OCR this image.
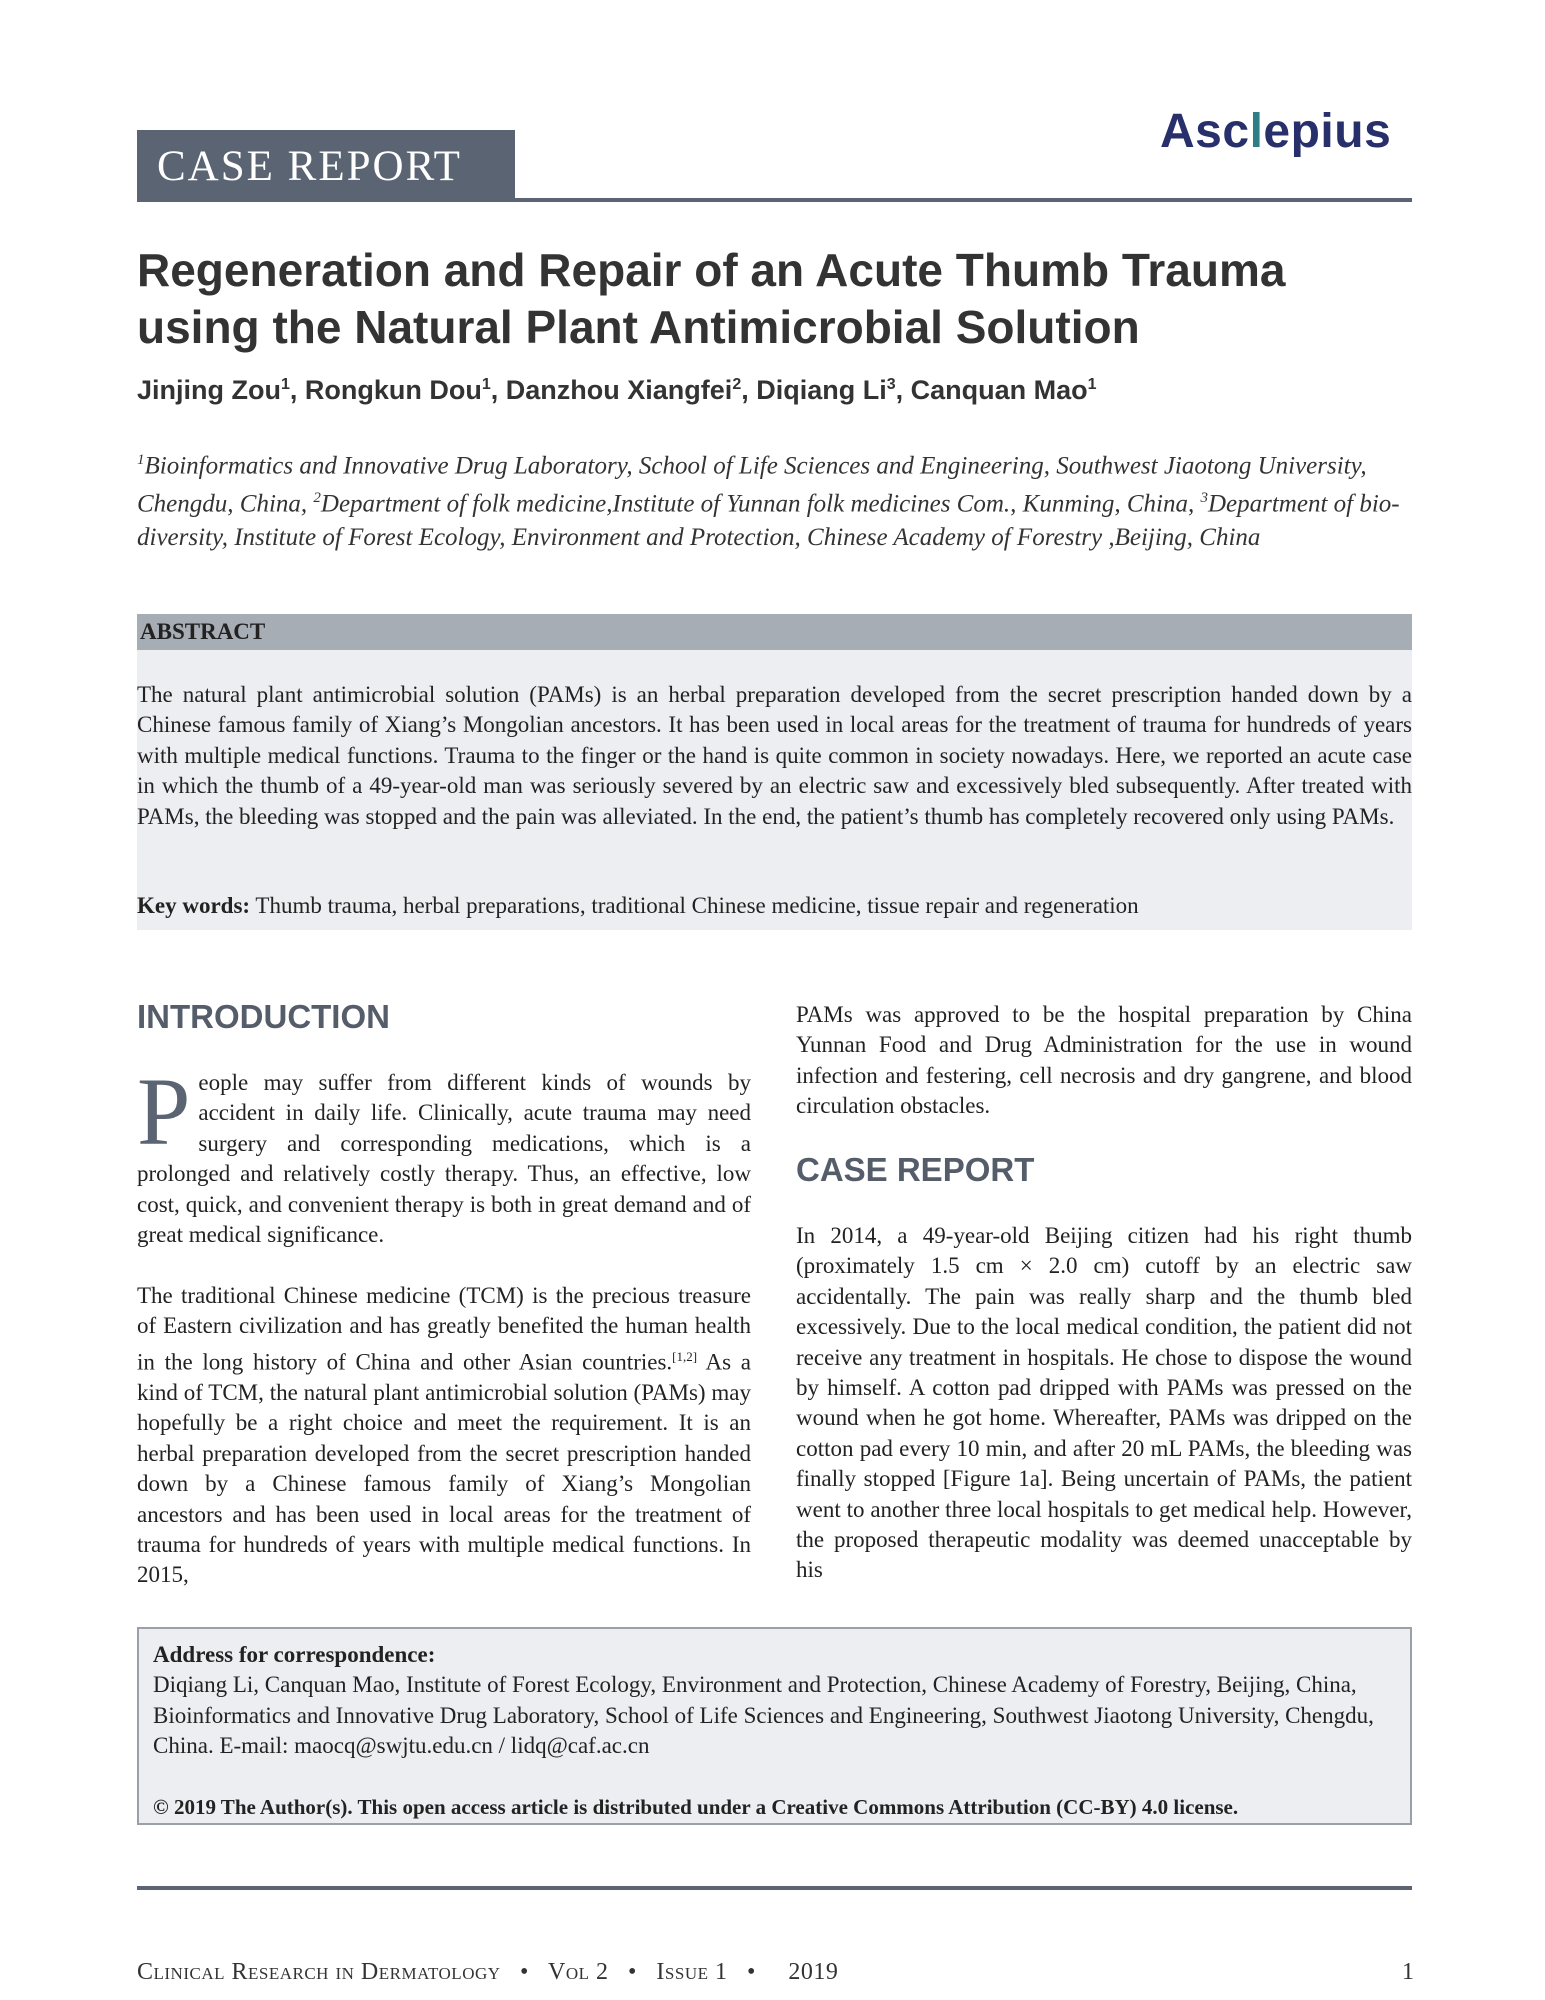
CASE REPORT
Asclepius
Regeneration and Repair of an Acute Thumb Trauma using the Natural Plant Antimicrobial Solution
Jinjing Zou$^1$, Rongkun Dou$^1$, Danzhou Xiangfei$^2$, Diqiang Li$^3$, Canquan Mao$^1$
$^1$Bioinformatics and Innovative Drug Laboratory, School of Life Sciences and Engineering, Southwest Jiaotong University, Chengdu, China, $^2$Department of folk medicine,Institute of Yunnan folk medicines Com., Kunming, China, $^3$Department of bio-diversity, Institute of Forest Ecology, Environment and Protection, Chinese Academy of Forestry ,Beijing, China
ABSTRACT
The natural plant antimicrobial solution (PAMs) is an herbal preparation developed from the secret prescription handed down by a Chinese famous family of Xiang’s Mongolian ancestors. It has been used in local areas for the treatment of trauma for hundreds of years with multiple medical functions. Trauma to the finger or the hand is quite common in society nowadays. Here, we reported an acute case in which the thumb of a 49-year-old man was seriously severed by an electric saw and excessively bled subsequently. After treated with PAMs, the bleeding was stopped and the pain was alleviated. In the end, the patient’s thumb has completely recovered only using PAMs.
Key words: Thumb trauma, herbal preparations, traditional Chinese medicine, tissue repair and regeneration
INTRODUCTION
People may suffer from different kinds of wounds by accident in daily life. Clinically, acute trauma may need surgery and corresponding medications, which is a prolonged and relatively costly therapy. Thus, an effective, low cost, quick, and convenient therapy is both in great demand and of great medical significance.
The traditional Chinese medicine (TCM) is the precious treasure of Eastern civilization and has greatly benefited the human health in the long history of China and other Asian countries.[1,2] As a kind of TCM, the natural plant antimicrobial solution (PAMs) may hopefully be a right choice and meet the requirement. It is an herbal preparation developed from the secret prescription handed down by a Chinese famous family of Xiang’s Mongolian ancestors and has been used in local areas for the treatment of trauma for hundreds of years with multiple medical functions. In 2015,
PAMs was approved to be the hospital preparation by China Yunnan Food and Drug Administration for the use in wound infection and festering, cell necrosis and dry gangrene, and blood circulation obstacles.
CASE REPORT
In 2014, a 49-year-old Beijing citizen had his right thumb (proximately 1.5 cm × 2.0 cm) cutoff by an electric saw accidentally. The pain was really sharp and the thumb bled excessively. Due to the local medical condition, the patient did not receive any treatment in hospitals. He chose to dispose the wound by himself. A cotton pad dripped with PAMs was pressed on the wound when he got home. Whereafter, PAMs was dripped on the cotton pad every 10 min, and after 20 mL PAMs, the bleeding was finally stopped [Figure 1a]. Being uncertain of PAMs, the patient went to another three local hospitals to get medical help. However, the proposed therapeutic modality was deemed unacceptable by his
Address for correspondence:
Diqiang Li, Canquan Mao, Institute of Forest Ecology, Environment and Protection, Chinese Academy of Forestry, Beijing, China, Bioinformatics and Innovative Drug Laboratory, School of Life Sciences and Engineering, Southwest Jiaotong University, Chengdu, China. E-mail: maocq@swjtu.edu.cn / lidq@caf.ac.cn
© 2019 The Author(s). This open access article is distributed under a Creative Commons Attribution (CC-BY) 4.0 license.
Clinical Research in Dermatology • Vol 2 • Issue 1 • 2019	1
